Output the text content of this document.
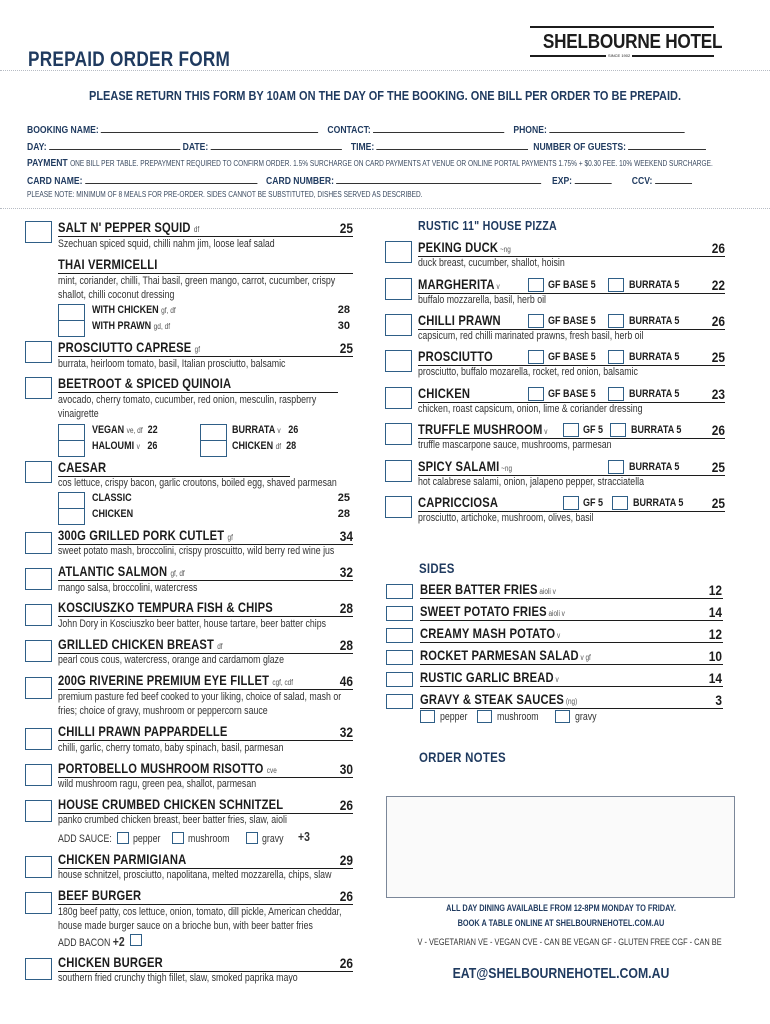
PREPAID ORDER FORM
SHELBOURNE HOTEL
SINCE 1902
PLEASE RETURN THIS FORM BY 10AM ON THE DAY OF THE BOOKING. ONE BILL PER ORDER TO BE PREPAID.
BOOKING NAME:	CONTACT:	PHONE:
DAY:	DATE:	TIME:	NUMBER OF GUESTS:
PAYMENT ONE BILL PER TABLE. PREPAYMENT REQUIRED TO CONFIRM ORDER. 1.5% SURCHARGE ON CARD PAYMENTS AT VENUE OR ONLINE PORTAL PAYMENTS 1.75% + $0.30 FEE. 10% WEEKEND SURCHARGE.
CARD NAME:	CARD NUMBER:	EXP:	CCV:
PLEASE NOTE: MINIMUM OF 8 MEALS FOR PRE-ORDER. SIDES CANNOT BE SUBSTITUTED, DISHES SERVED AS DESCRIBED.
SALT N' PEPPER SQUID df	25
Szechuan spiced squid, chilli nahm jim, loose leaf salad
THAI VERMICELLI
mint, coriander, chilli, Thai basil, green mango, carrot, cucumber, crispy
shallot, chilli coconut dressing
WITH CHICKEN gf, df	28
WITH PRAWN gd, df	30
PROSCIUTTO CAPRESE gf	25
burrata, heirloom tomato, basil, Italian prosciutto, balsamic
BEETROOT & SPICED QUINOIA
avocado, cherry tomato, cucumber, red onion, mesculin, raspberry
vinaigrette
VEGAN ve, df 22	BURRATA v 26
HALOUMI v 26	CHICKEN df 28
CAESAR
cos lettuce, crispy bacon, garlic croutons, boiled egg, shaved parmesan
CLASSIC	25
CHICKEN	28
300G GRILLED PORK CUTLET gf	34
sweet potato mash, broccolini, crispy proscuitto, wild berry red wine jus
ATLANTIC SALMON gf, df	32
mango salsa, broccolini, watercress
KOSCIUSZKO TEMPURA FISH & CHIPS	28
John Dory in Kosciuszko beer batter, house tartare, beer batter chips
GRILLED CHICKEN BREAST df	28
pearl cous cous, watercress, orange and cardamom glaze
200G RIVERINE PREMIUM EYE FILLET cgf, cdf	46
premium pasture fed beef cooked to your liking, choice of salad, mash or
fries; choice of gravy, mushroom or peppercorn sauce
CHILLI PRAWN PAPPARDELLE	32
chilli, garlic, cherry tomato, baby spinach, basil, parmesan
PORTOBELLO MUSHROOM RISOTTO cve	30
wild mushroom ragu, green pea, shallot, parmesan
HOUSE CRUMBED CHICKEN SCHNITZEL	26
panko crumbed chicken breast, beer batter fries, slaw, aioli
ADD SAUCE: pepper	mushroom	gravy +3
CHICKEN PARMIGIANA	29
house schnitzel, prosciutto, napolitana, melted mozzarella, chips, slaw
BEEF BURGER	26
180g beef patty, cos lettuce, onion, tomato, dill pickle, American cheddar,
house made burger sauce on a brioche bun, with beer batter fries
ADD BACON +2
CHICKEN BURGER	26
southern fried crunchy thigh fillet, slaw, smoked paprika mayo
RUSTIC 11" HOUSE PIZZA
PEKING DUCK ~ng	26
duck breast, cucumber, shallot, hoisin
MARGHERITA v	22
buffalo mozzarella, basil, herb oil
GF BASE 5	BURRATA 5
CHILLI PRAWN	26
capsicum, red chilli marinated prawns, fresh basil, herb oil
GF BASE 5	BURRATA 5
PROSCIUTTO	25
prosciutto, buffalo mozarella, rocket, red onion, balsamic
GF BASE 5	BURRATA 5
CHICKEN	23
chicken, roast capsicum, onion, lime & coriander dressing
GF BASE 5	BURRATA 5
TRUFFLE MUSHROOM v	26
truffle mascarpone sauce, mushrooms, parmesan
GF 5	BURRATA 5
SPICY SALAMI ~ng	25
hot calabrese salami, onion, jalapeno pepper, stracciatella
BURRATA 5
CAPRICCIOSA	25
prosciutto, artichoke, mushroom, olives, basil
GF 5	BURRATA 5
SIDES
BEER BATTER FRIES aioli v	12
SWEET POTATO FRIES aioli v	14
CREAMY MASH POTATO v	12
ROCKET PARMESAN SALAD v gf	10
RUSTIC GARLIC BREAD v	14
GRAVY & STEAK SAUCES (ng)	3
pepper	mushroom	gravy
ORDER NOTES
ALL DAY DINING AVAILABLE FROM 12-8PM MONDAY TO FRIDAY.
BOOK A TABLE ONLINE AT SHELBOURNEHOTEL.COM.AU
V - VEGETARIAN VE - VEGAN CVE - CAN BE VEGAN GF - GLUTEN FREE CGF - CAN BE
EAT@SHELBOURNEHOTEL.COM.AU
